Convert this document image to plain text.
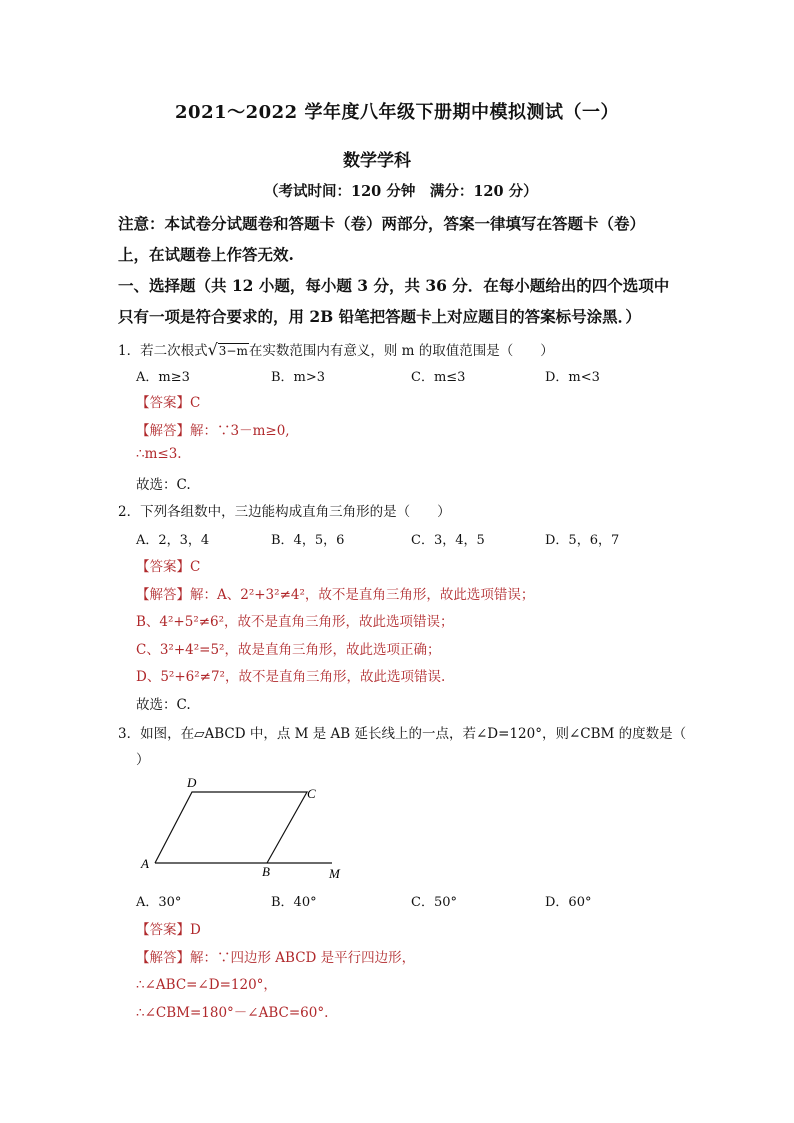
2021～2022 学年度八年级下册期中模拟测试（一）
数学学科
（考试时间：120 分钟　满分：120 分）
注意：本试卷分试题卷和答题卡（卷）两部分，答案一律填写在答题卡（卷）
上，在试题卷上作答无效.
一、选择题（共 12 小题，每小题 3 分，共 36 分．在每小题给出的四个选项中
只有一项是符合要求的，用 2B 铅笔把答题卡上对应题目的答案标号涂黑．）
1．若二次根式√3−m在实数范围内有意义，则 m 的取值范围是（　　）
A．m≥3	B．m>3	C．m≤3	D．m<3
【答案】C
【解答】解：∵3－m≥0,
∴m≤3.
故选：C.
2．下列各组数中，三边能构成直角三角形的是（　　）
A．2，3，4	B．4，5，6	C．3，4，5	D．5，6，7
【答案】C
【解答】解：A、2²+3²≠4²，故不是直角三角形，故此选项错误；
B、4²+5²≠6²，故不是直角三角形，故此选项错误；
C、3²+4²=5²，故是直角三角形，故此选项正确；
D、5²+6²≠7²，故不是直角三角形，故此选项错误.
故选：C.
3．如图，在▱ABCD 中，点 M 是 AB 延长线上的一点，若∠D=120°，则∠CBM 的度数是（
）
A
B
C
D
M
A．30°	B．40°	C．50°	D．60°
【答案】D
【解答】解：∵四边形 ABCD 是平行四边形，
∴∠ABC=∠D=120°，
∴∠CBM=180°－∠ABC=60°.
